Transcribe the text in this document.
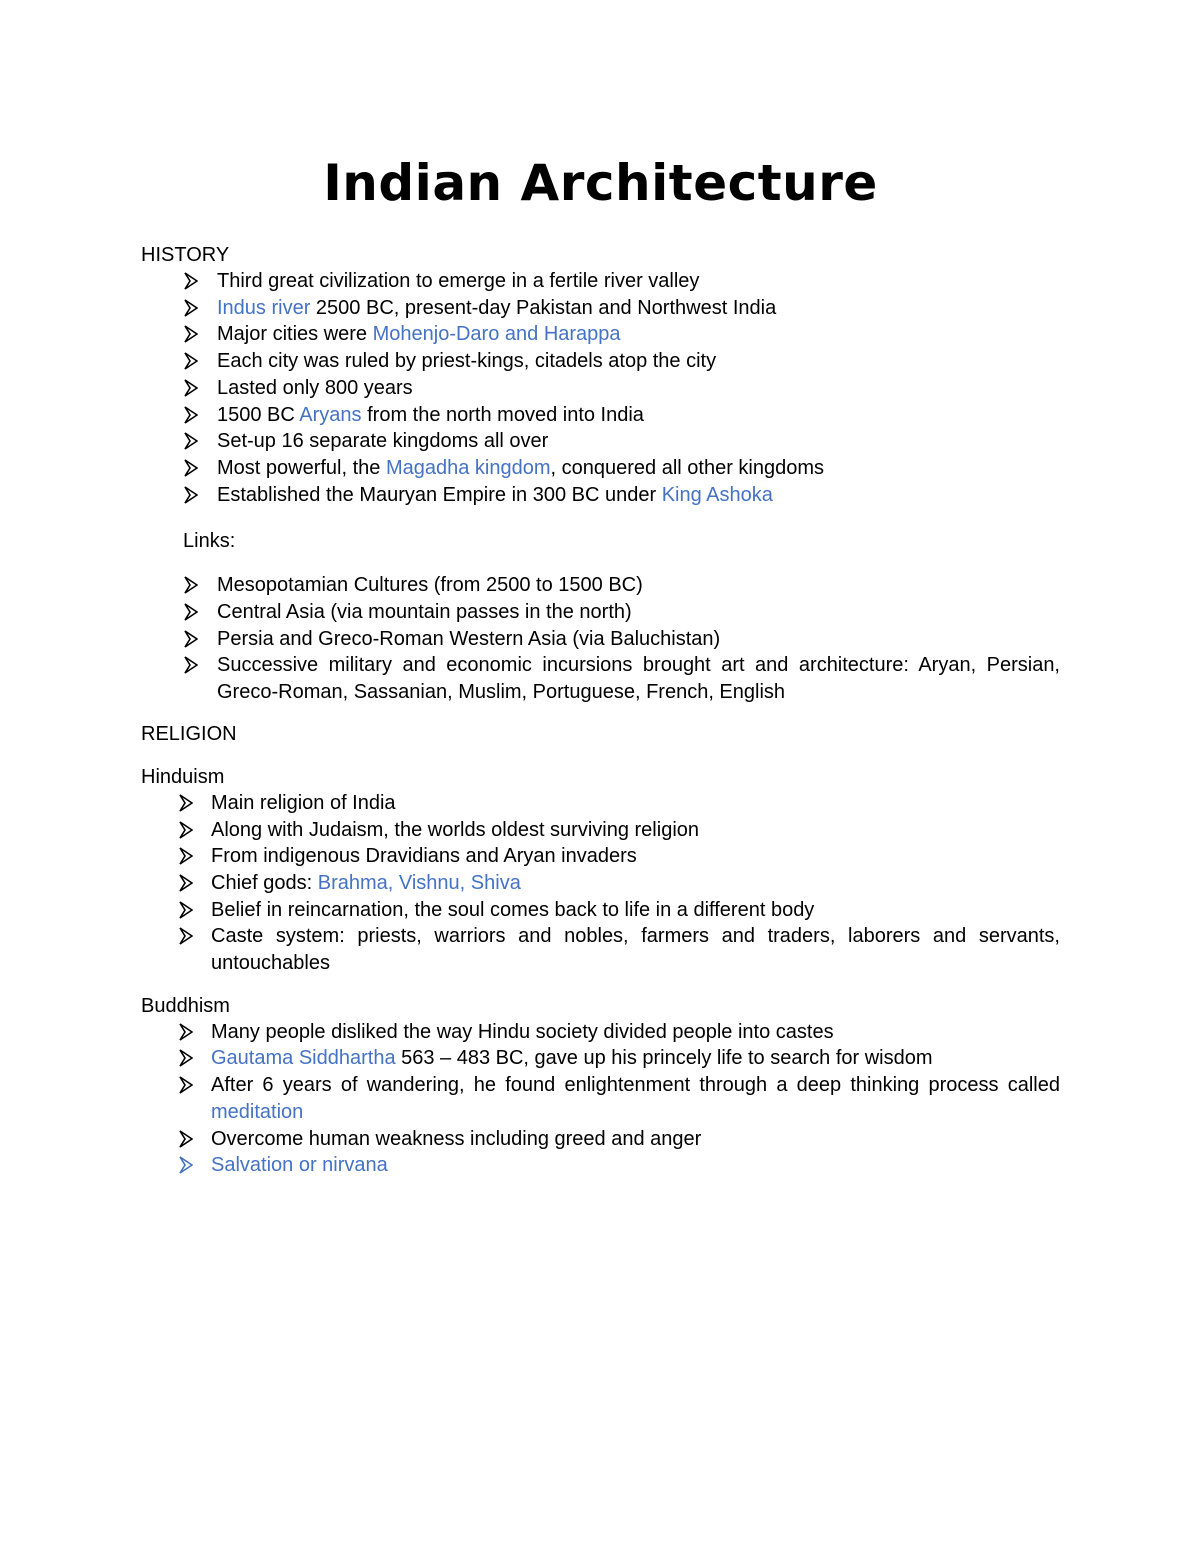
Indian Architecture
HISTORY
Third great civilization to emerge in a fertile river valley
Indus river 2500 BC, present-day Pakistan and Northwest India
Major cities were Mohenjo-Daro and Harappa
Each city was ruled by priest-kings, citadels atop the city
Lasted only 800 years
1500 BC Aryans from the north moved into India
Set-up 16 separate kingdoms all over
Most powerful, the Magadha kingdom, conquered all other kingdoms
Established the Mauryan Empire in 300 BC under King Ashoka
Links:
Mesopotamian Cultures (from 2500 to 1500 BC)
Central Asia (via mountain passes in the north)
Persia and Greco-Roman Western Asia (via Baluchistan)
Successive military and economic incursions brought art and architecture: Aryan, Persian, Greco-Roman, Sassanian, Muslim, Portuguese, French, English
RELIGION
Hinduism
Main religion of India
Along with Judaism, the worlds oldest surviving religion
From indigenous Dravidians and Aryan invaders
Chief gods: Brahma, Vishnu, Shiva
Belief in reincarnation, the soul comes back to life in a different body
Caste system: priests, warriors and nobles, farmers and traders, laborers and servants, untouchables
Buddhism
Many people disliked the way Hindu society divided people into castes
Gautama Siddhartha 563 – 483 BC, gave up his princely life to search for wisdom
After 6 years of wandering, he found enlightenment through a deep thinking process called meditation
Overcome human weakness including greed and anger
Salvation or nirvana
